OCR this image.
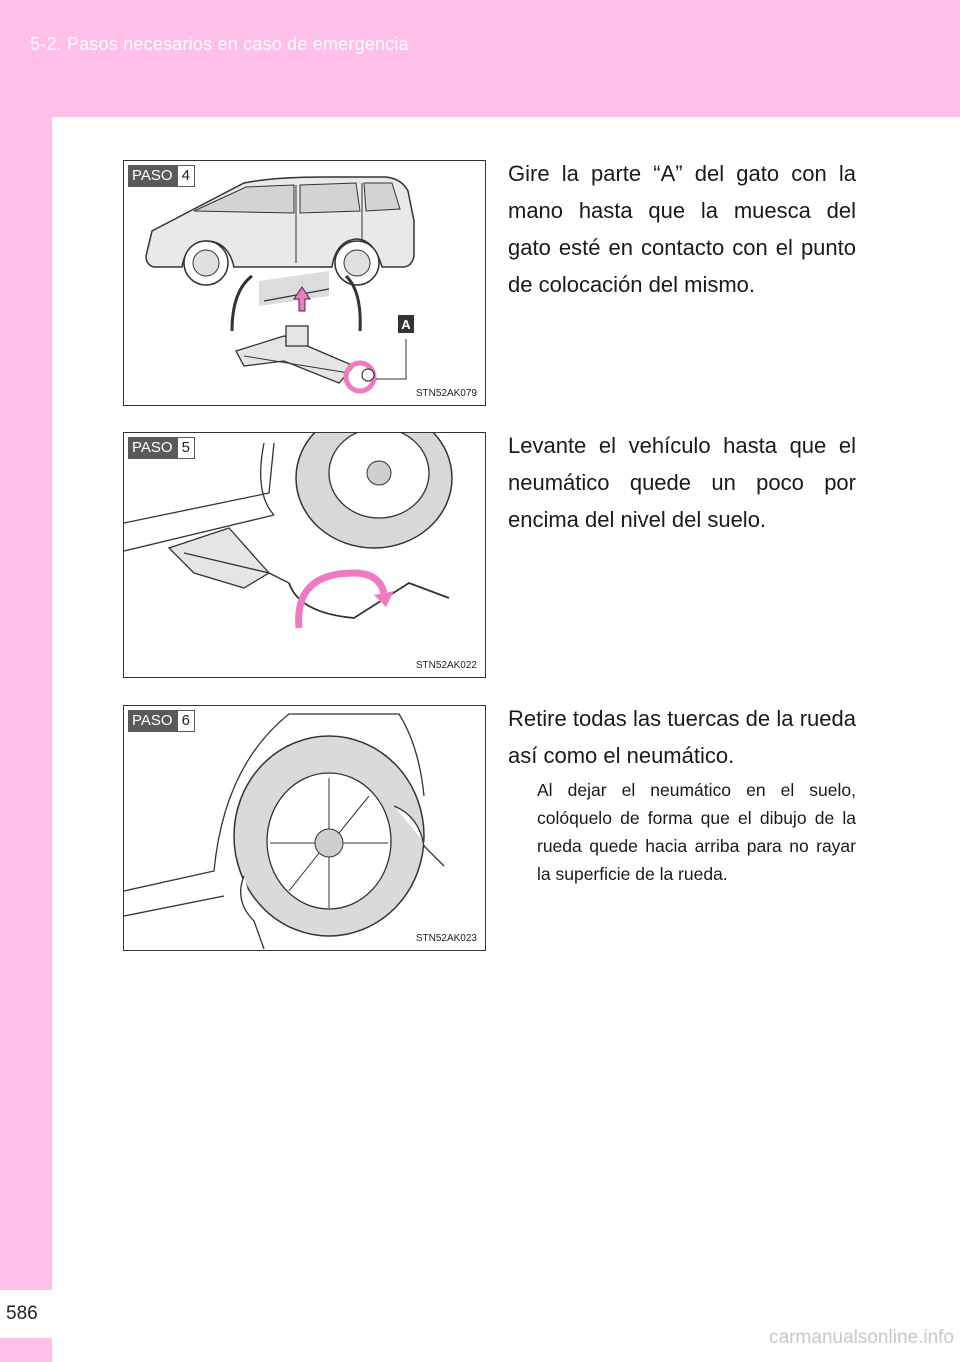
5-2. Pasos necesarios en caso de emergencia
586
PASO 4
A
STN52AK079
Gire la parte “A” del gato con la mano hasta que la muesca del gato esté en contacto con el punto de colocación del mismo.
PASO 5
STN52AK022
Levante el vehículo hasta que el neumático quede un poco por encima del nivel del suelo.
PASO 6
STN52AK023
Retire todas las tuercas de la rueda así como el neumático.
Al dejar el neumático en el suelo, colóquelo de forma que el dibujo de la rueda quede hacia arriba para no rayar la superficie de la rueda.
carmanualsonline.info
